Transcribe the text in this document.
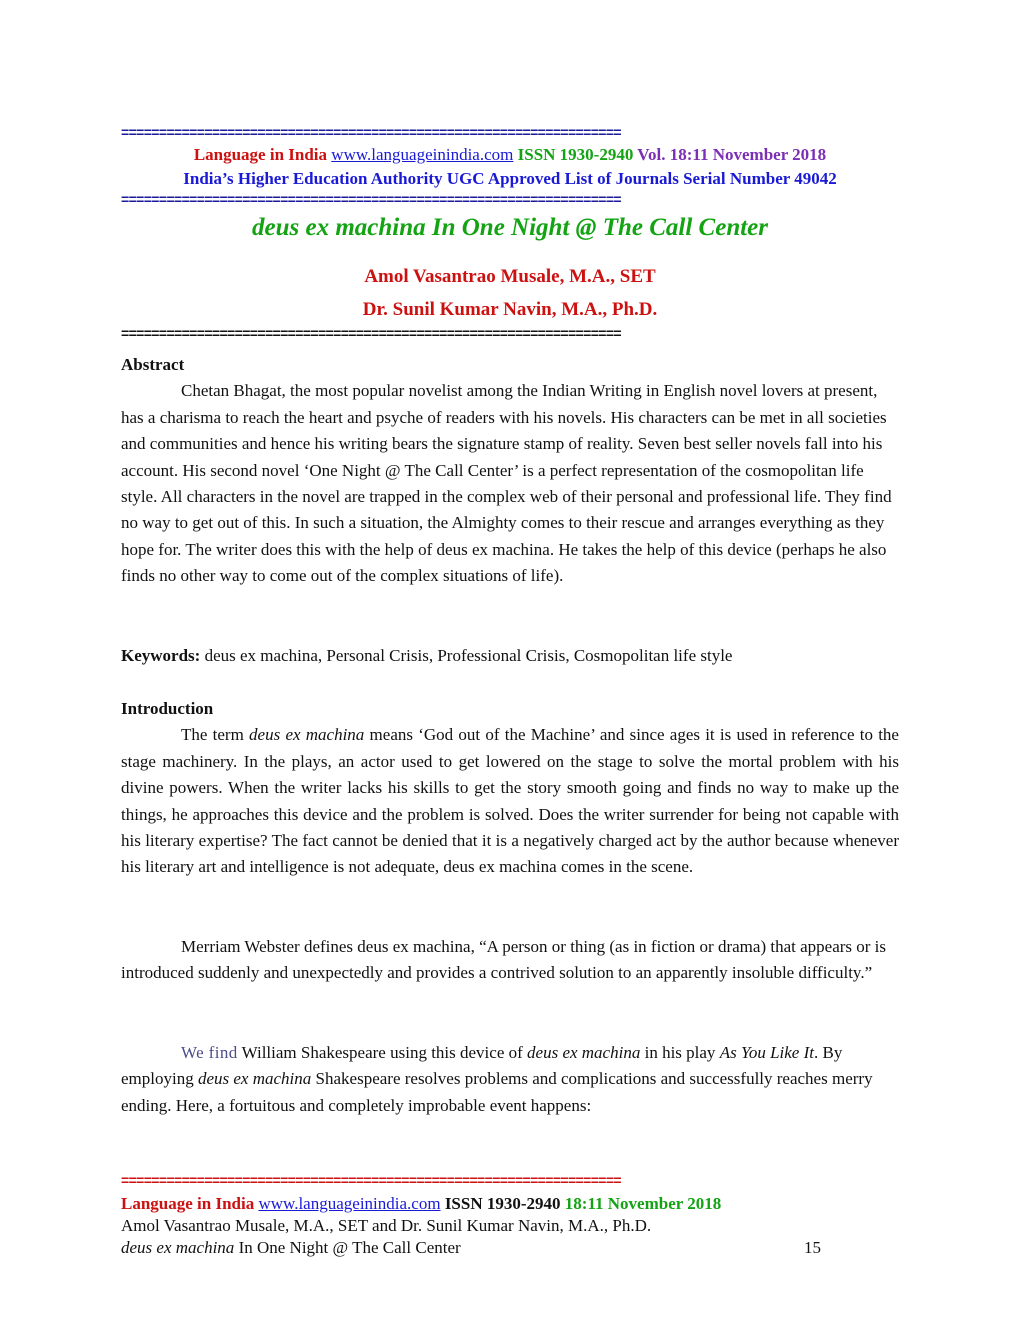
==================================================================
Language in India www.languageinindia.com ISSN 1930-2940 Vol. 18:11 November 2018
India’s Higher Education Authority UGC Approved List of Journals Serial Number 49042
==================================================================
deus ex machina In One Night @ The Call Center
Amol Vasantrao Musale, M.A., SET
Dr. Sunil Kumar Navin, M.A., Ph.D.
==================================================================

Abstract

Chetan Bhagat, the most popular novelist among the Indian Writing in English novel lovers at present, has a charisma to reach the heart and psyche of readers with his novels. His characters can be met in all societies and communities and hence his writing bears the signature stamp of reality. Seven best seller novels fall into his account. His second novel ‘One Night @ The Call Center’ is a perfect representation of the cosmopolitan life style. All characters in the novel are trapped in the complex web of their personal and professional life. They find no way to get out of this. In such a situation, the Almighty comes to their rescue and arranges everything as they hope for. The writer does this with the help of deus ex machina. He takes the help of this device (perhaps he also finds no other way to come out of the complex situations of life).

Keywords: deus ex machina, Personal Crisis, Professional Crisis, Cosmopolitan life style

Introduction

The term deus ex machina means ‘God out of the Machine’ and since ages it is used in reference to the stage machinery. In the plays, an actor used to get lowered on the stage to solve the mortal problem with his divine powers. When the writer lacks his skills to get the story smooth going and finds no way to make up the things, he approaches this device and the problem is solved. Does the writer surrender for being not capable with his literary expertise? The fact cannot be denied that it is a negatively charged act by the author because whenever his literary art and intelligence is not adequate, deus ex machina comes in the scene.

Merriam Webster defines deus ex machina, “A person or thing (as in fiction or drama) that appears or is introduced suddenly and unexpectedly and provides a contrived solution to an apparently insoluble difficulty.”

We find William Shakespeare using this device of deus ex machina in his play As You Like It. By employing deus ex machina Shakespeare resolves problems and complications and successfully reaches merry ending. Here, a fortuitous and completely improbable event happens:

==================================================================
Language in India www.languageinindia.com ISSN 1930-2940 18:11 November 2018
Amol Vasantrao Musale, M.A., SET and Dr. Sunil Kumar Navin, M.A., Ph.D.
deus ex machina In One Night @ The Call Center	15
